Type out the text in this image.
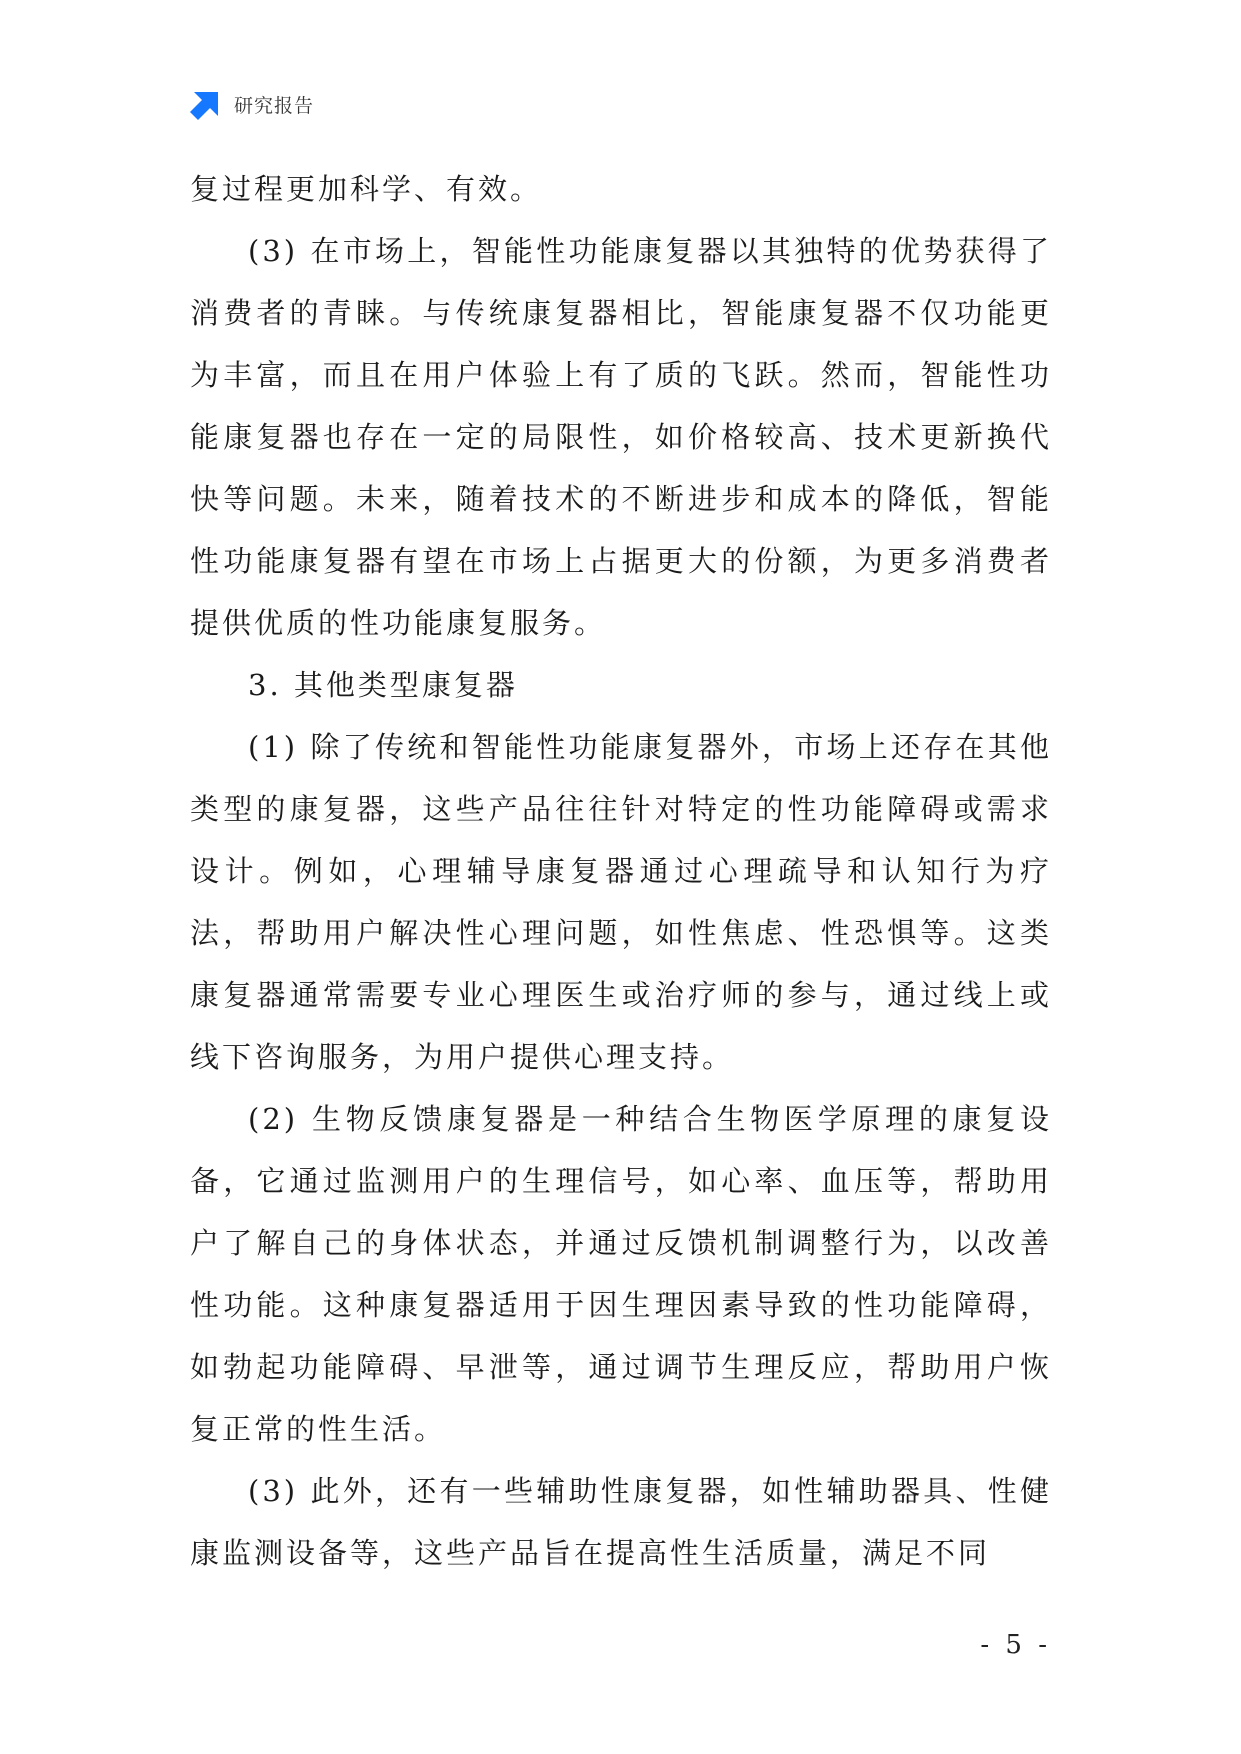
研究报告

复过程更加科学、有效。

(3) 在市场上，智能性功能康复器以其独特的优势获得了消费者的青睐。与传统康复器相比，智能康复器不仅功能更为丰富，而且在用户体验上有了质的飞跃。然而，智能性功能康复器也存在一定的局限性，如价格较高、技术更新换代快等问题。未来，随着技术的不断进步和成本的降低，智能性功能康复器有望在市场上占据更大的份额，为更多消费者提供优质的性功能康复服务。

3. 其他类型康复器

(1) 除了传统和智能性功能康复器外，市场上还存在其他类型的康复器，这些产品往往针对特定的性功能障碍或需求设计。例如，心理辅导康复器通过心理疏导和认知行为疗法，帮助用户解决性心理问题，如性焦虑、性恐惧等。这类康复器通常需要专业心理医生或治疗师的参与，通过线上或线下咨询服务，为用户提供心理支持。

(2) 生物反馈康复器是一种结合生物医学原理的康复设备，它通过监测用户的生理信号，如心率、血压等，帮助用户了解自己的身体状态，并通过反馈机制调整行为，以改善性功能。这种康复器适用于因生理因素导致的性功能障碍，如勃起功能障碍、早泄等，通过调节生理反应，帮助用户恢复正常的性生活。

(3) 此外，还有一些辅助性康复器，如性辅助器具、性健康监测设备等，这些产品旨在提高性生活质量，满足不同

- 5 -
